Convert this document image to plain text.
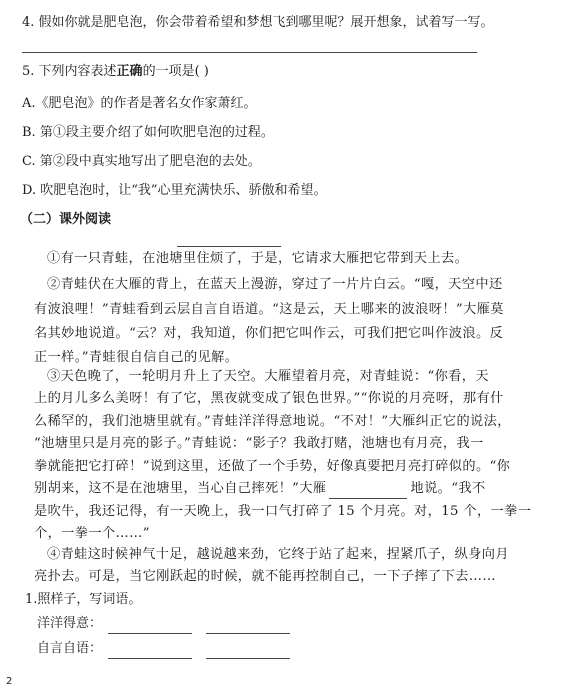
4. 假如你就是肥皂泡，你会带着希望和梦想飞到哪里呢？展开想象，试着写一写。
5. 下列内容表述正确的一项是( )
A.《肥皂泡》的作者是著名女作家萧红。
B. 第①段主要介绍了如何吹肥皂泡的过程。
C. 第②段中真实地写出了肥皂泡的去处。
D. 吹肥皂泡时，让“我”心里充满快乐、骄傲和希望。
（二）课外阅读
①有一只青蛙，在池塘里住烦了，于是，它请求大雁把它带到天上去。
②青蛙伏在大雁的背上，在蓝天上漫游，穿过了一片片白云。“嘎，天空中还
有波浪哩！”青蛙看到云层自言自语道。“这是云，天上哪来的波浪呀！”大雁莫
名其妙地说道。“云？对，我知道，你们把它叫作云，可我们把它叫作波浪。反
正一样。”青蛙很自信自己的见解。
③天色晚了，一轮明月升上了天空。大雁望着月亮，对青蛙说：“你看，天
上的月儿多么美呀！有了它，黑夜就变成了银色世界。”“你说的月亮呀，那有什
么稀罕的，我们池塘里就有。”青蛙洋洋得意地说。“不对！”大雁纠正它的说法，
“池塘里只是月亮的影子。”青蛙说：“影子？我敢打赌，池塘也有月亮，我一
拳就能把它打碎！”说到这里，还做了一个手势，好像真要把月亮打碎似的。“你
别胡来，这不是在池塘里，当心自己摔死！”大雁	地说。“我不
是吹牛，我还记得，有一天晚上，我一口气打碎了 15 个月亮。对，15 个，一拳一
个，一拳一个……”
④青蛙这时候神气十足，越说越来劲，它终于站了起来，捏紧爪子，纵身向月
亮扑去。可是，当它刚跃起的时候，就不能再控制自己，一下子摔了下去……
1.照样子，写词语。
洋洋得意：
自言自语：
2
